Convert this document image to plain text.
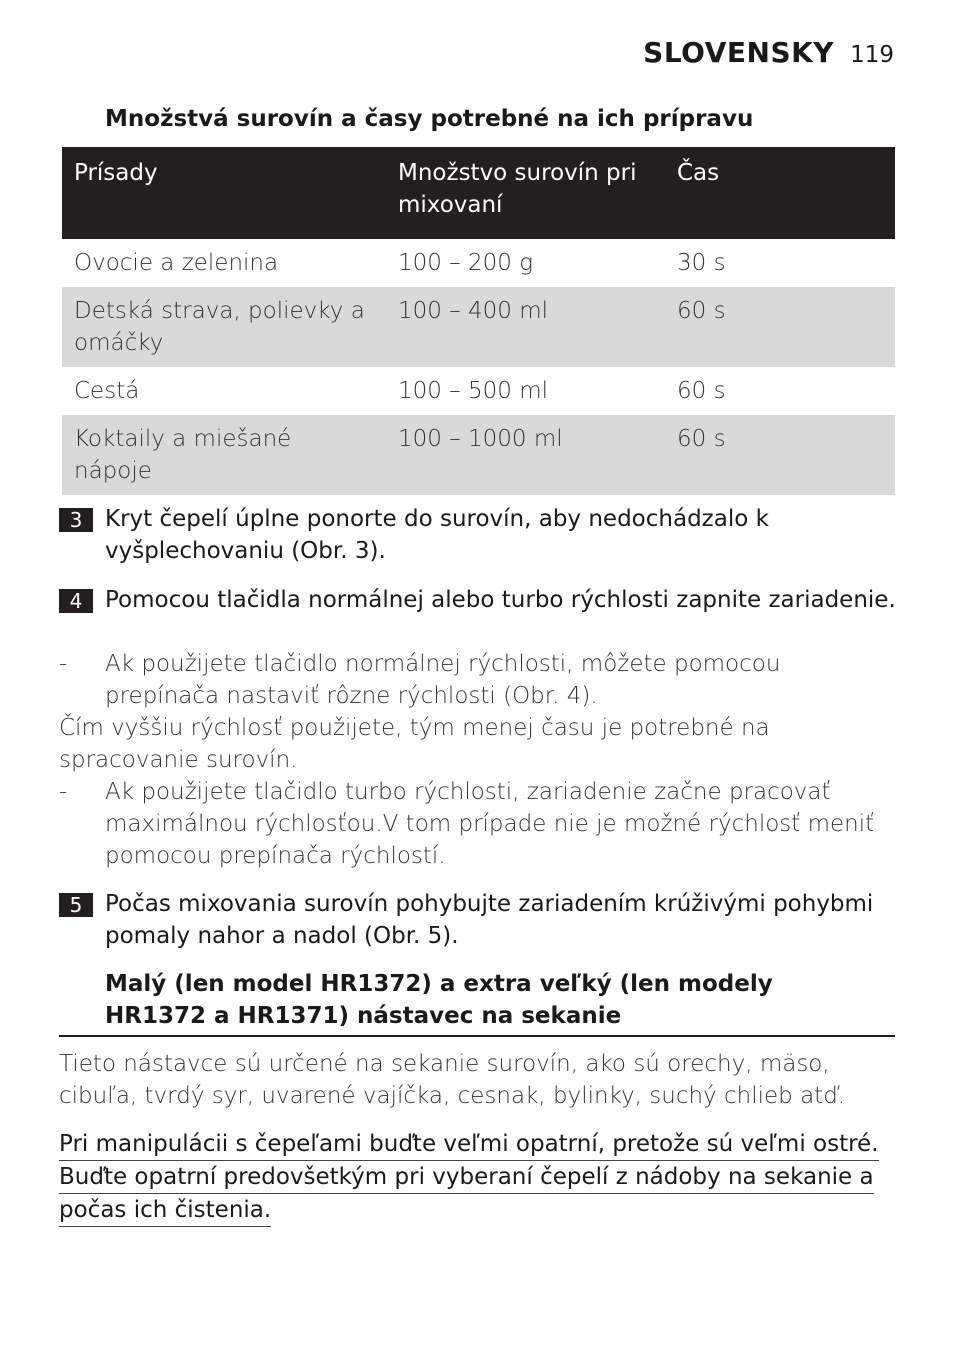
SLOVENSKY 119
Množstvá surovín a časy potrebné na ich prípravu
Prísady	Množstvo surovín pri mixovaní	Čas
Ovocie a zelenina	100 – 200 g	30 s
Detská strava, polievky a omáčky	100 – 400 ml	60 s
Cestá	100 – 500 ml	60 s
Koktaily a miešané nápoje	100 – 1000 ml	60 s
3 Kryt čepelí úplne ponorte do surovín, aby nedochádzalo k vyšplechovaniu (Obr. 3).
4 Pomocou tlačidla normálnej alebo turbo rýchlosti zapnite zariadenie.
- Ak použijete tlačidlo normálnej rýchlosti, môžete pomocou prepínača nastaviť rôzne rýchlosti (Obr. 4).
Čím vyššiu rýchlosť použijete, tým menej času je potrebné na spracovanie surovín.
- Ak použijete tlačidlo turbo rýchlosti, zariadenie začne pracovať maximálnou rýchlosťou.V tom prípade nie je možné rýchlosť meniť pomocou prepínača rýchlostí.
5 Počas mixovania surovín pohybujte zariadením krúživými pohybmi pomaly nahor a nadol (Obr. 5).
Malý (len model HR1372) a extra veľký (len modely
HR1372 a HR1371) nástavec na sekanie
Tieto nástavce sú určené na sekanie surovín, ako sú orechy, mäso, cibuľa, tvrdý syr, uvarené vajíčka, cesnak, bylinky, suchý chlieb atď.
Pri manipulácii s čepeľami buďte veľmi opatrní, pretože sú veľmi ostré.
Buďte opatrní predovšetkým pri vyberaní čepelí z nádoby na sekanie a
počas ich čistenia.
